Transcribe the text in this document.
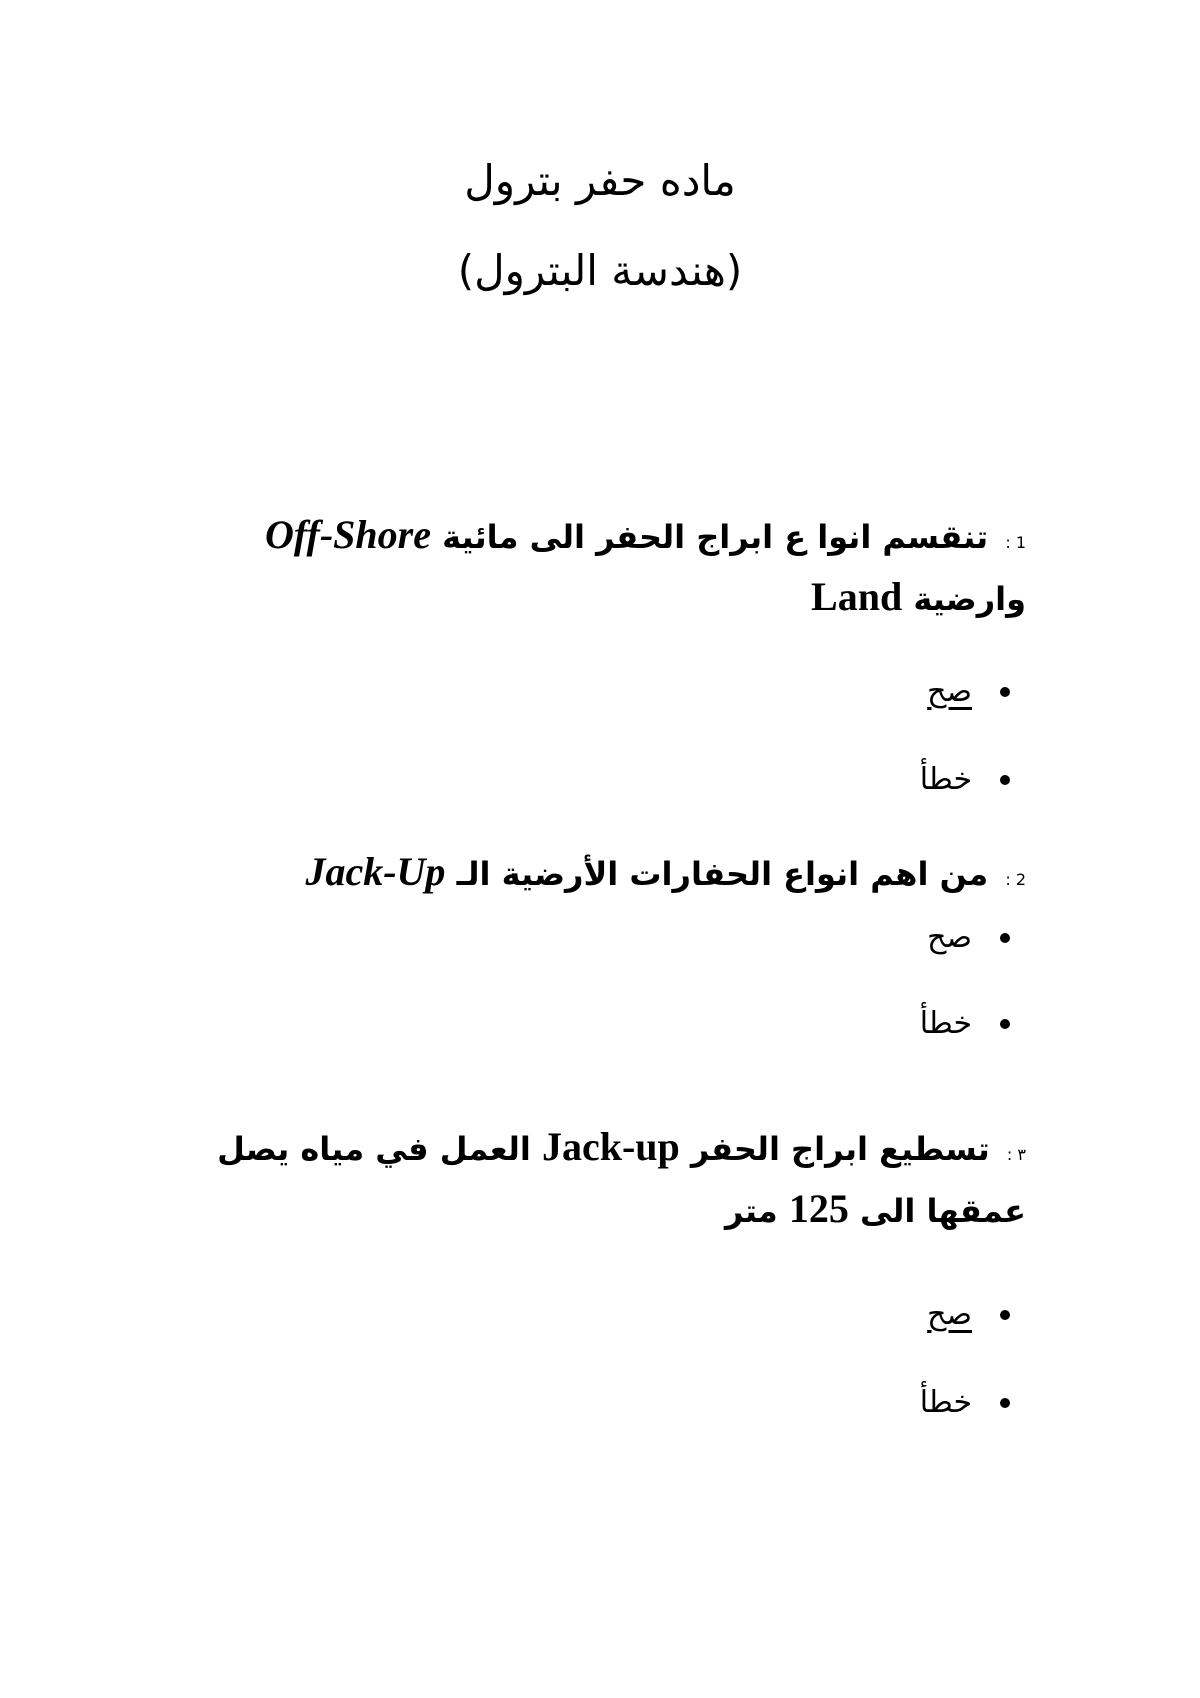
ماده حفر بترول
(هندسة البترول)
1 : تنقسم انوا ع ابراج الحفر الى مائية Off-Shore
وارضية Land
صح
خطأ
2 : من اهم انواع الحفارات الأرضية الـ Jack-Up
صح
خطأ
٣ : تسطيع ابراج الحفر Jack-up العمل في مياه يصل عمقها الى 125 متر
صح
خطأ
